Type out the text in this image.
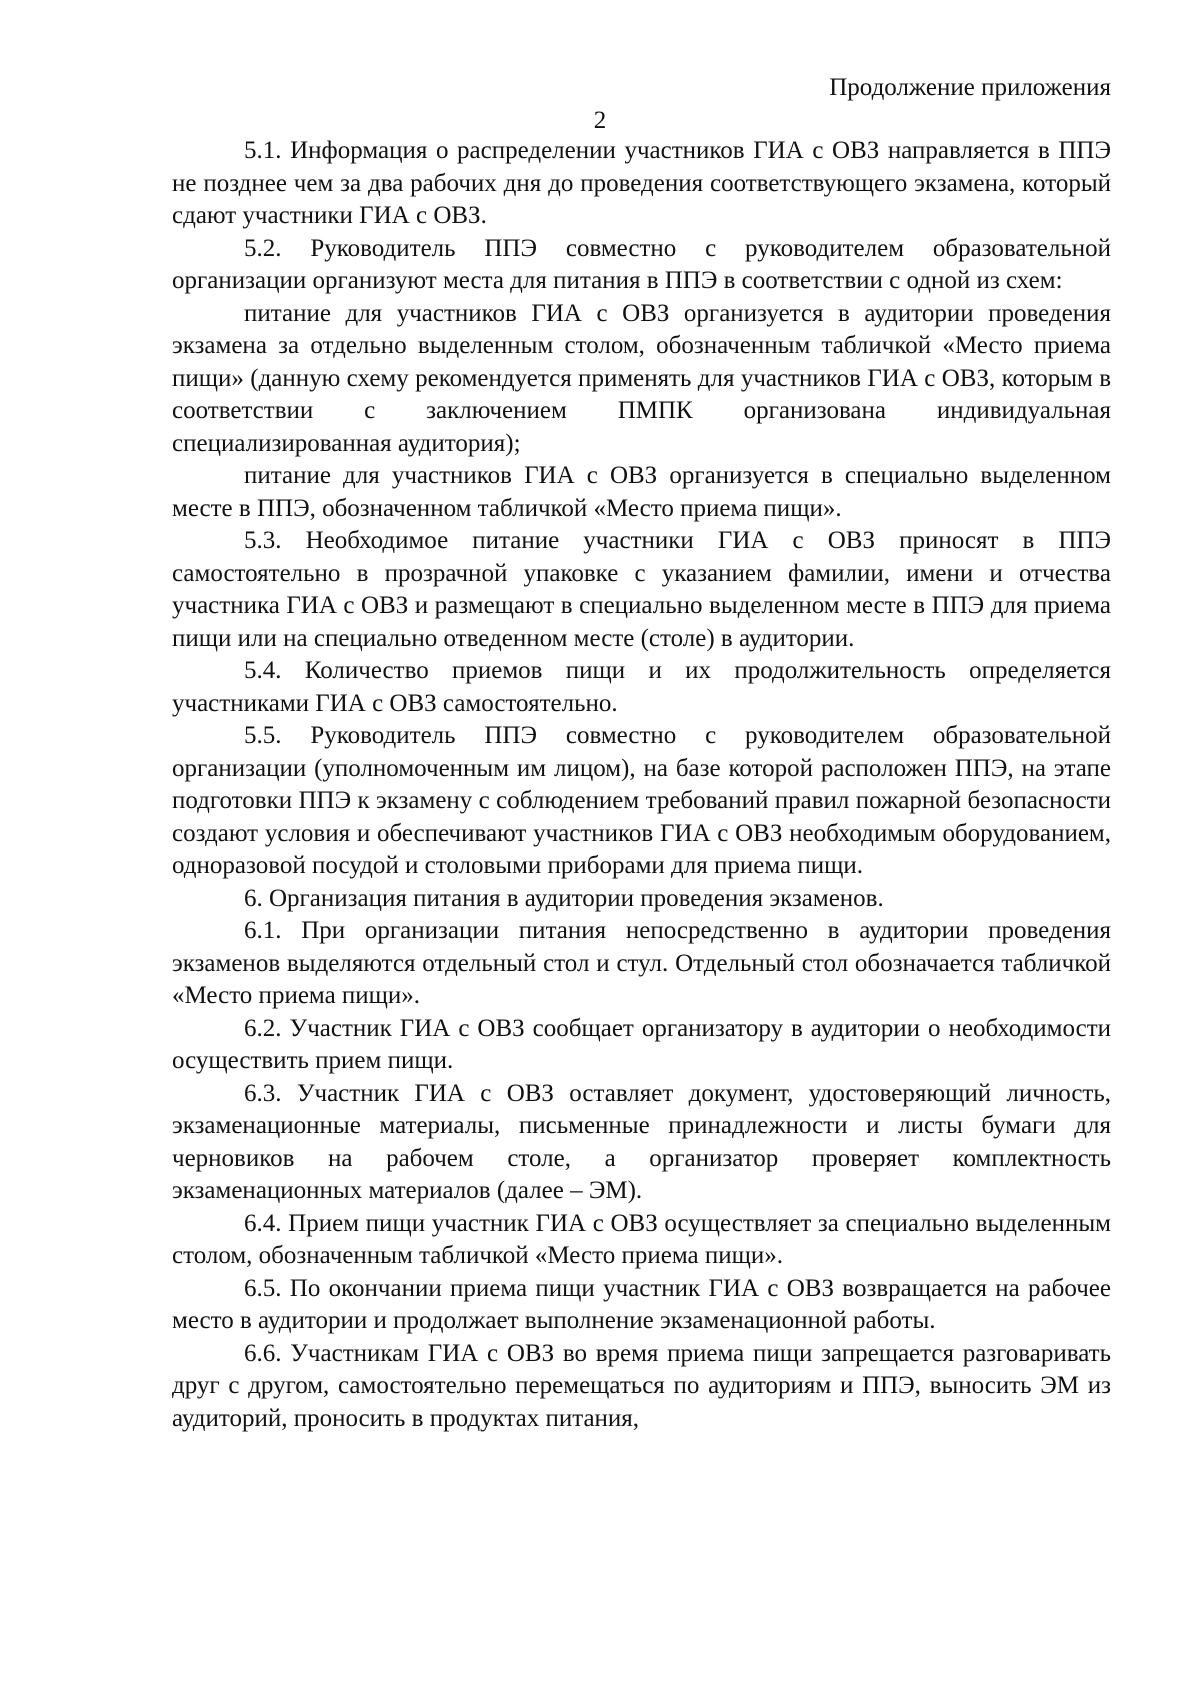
Продолжение приложения

2

5.1. Информация о распределении участников ГИА с ОВЗ направляется в ППЭ не позднее чем за два рабочих дня до проведения соответствующего экзамена, который сдают участники ГИА с ОВЗ.

5.2. Руководитель ППЭ совместно с руководителем образовательной организации организуют места для питания в ППЭ в соответствии с одной из схем:

питание для участников ГИА с ОВЗ организуется в аудитории проведения экзамена за отдельно выделенным столом, обозначенным табличкой «Место приема пищи» (данную схему рекомендуется применять для участников ГИА с ОВЗ, которым в соответствии с заключением ПМПК организована индивидуальная специализированная аудитория);

питание для участников ГИА с ОВЗ организуется в специально выделенном месте в ППЭ, обозначенном табличкой «Место приема пищи».

5.3. Необходимое питание участники ГИА с ОВЗ приносят в ППЭ самостоятельно в прозрачной упаковке с указанием фамилии, имени и отчества участника ГИА с ОВЗ и размещают в специально выделенном месте в ППЭ для приема пищи или на специально отведенном месте (столе) в аудитории.

5.4. Количество приемов пищи и их продолжительность определяется участниками ГИА с ОВЗ самостоятельно.

5.5. Руководитель ППЭ совместно с руководителем образовательной организации (уполномоченным им лицом), на базе которой расположен ППЭ, на этапе подготовки ППЭ к экзамену с соблюдением требований правил пожарной безопасности создают условия и обеспечивают участников ГИА с ОВЗ необходимым оборудованием, одноразовой посудой и столовыми приборами для приема пищи.

6. Организация питания в аудитории проведения экзаменов.

6.1. При организации питания непосредственно в аудитории проведения экзаменов выделяются отдельный стол и стул. Отдельный стол обозначается табличкой «Место приема пищи».

6.2. Участник ГИА с ОВЗ сообщает организатору в аудитории о необходимости осуществить прием пищи.

6.3. Участник ГИА с ОВЗ оставляет документ, удостоверяющий личность, экзаменационные материалы, письменные принадлежности и листы бумаги для черновиков на рабочем столе, а организатор проверяет комплектность экзаменационных материалов (далее – ЭМ).

6.4. Прием пищи участник ГИА с ОВЗ осуществляет за специально выделенным столом, обозначенным табличкой «Место приема пищи».

6.5. По окончании приема пищи участник ГИА с ОВЗ возвращается на рабочее место в аудитории и продолжает выполнение экзаменационной работы.

6.6. Участникам ГИА с ОВЗ во время приема пищи запрещается разговаривать друг с другом, самостоятельно перемещаться по аудиториям и ППЭ, выносить ЭМ из аудиторий, проносить в продуктах питания,
